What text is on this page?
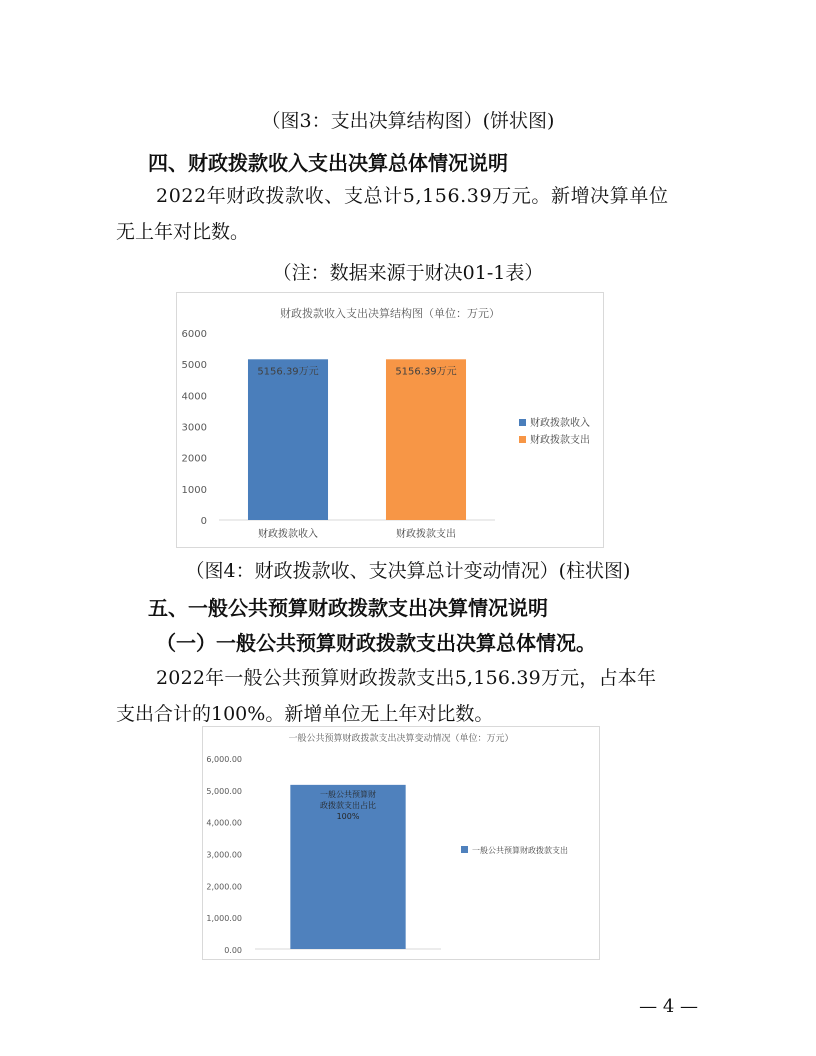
（图3：支出决算结构图）(饼状图)
四、财政拨款收入支出决算总体情况说明
2022年财政拨款收、支总计5,156.39万元。新增决算单位
无上年对比数。
（注：数据来源于财决01-1表）
财政拨款收入支出决算结构图（单位：万元）
0
1000
2000
3000
4000
5000
6000
5156.39万元
财政拨款收入
5156.39万元
财政拨款支出
财政拨款收入
财政拨款支出
（图4：财政拨款收、支决算总计变动情况）(柱状图)
五、一般公共预算财政拨款支出决算情况说明
（一）一般公共预算财政拨款支出决算总体情况。
2022年一般公共预算财政拨款支出5,156.39万元，占本年
支出合计的100%。新增单位无上年对比数。
一般公共预算财政拨款支出决算变动情况（单位：万元）
0.00
1,000.00
2,000.00
3,000.00
4,000.00
5,000.00
6,000.00
一般公共预算财
政拨款支出占比
100%
一般公共预算财政拨款支出
— 4 —
